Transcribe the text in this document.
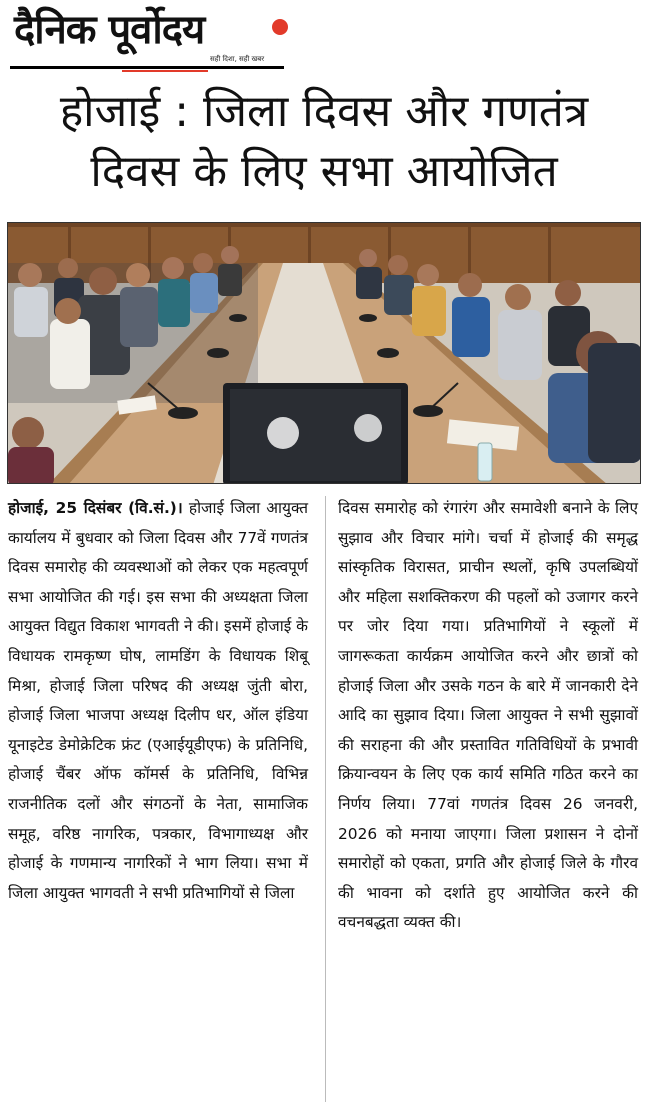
दैनिक पूर्वोदय
सही दिशा, सही खबर
होजाई : जिला दिवस और गणतंत्र
दिवस के लिए सभा आयोजित
होजाई, 25 दिसंबर (वि.सं.)। होजाई जिला आयुक्त कार्यालय में बुधवार को जिला दिवस और 77वें गणतंत्र दिवस समारोह की व्यवस्थाओं को लेकर एक महत्वपूर्ण सभा आयोजित की गई। इस सभा की अध्यक्षता जिला आयुक्त विद्युत विकाश भागवती ने की। इसमें होजाई के विधायक रामकृष्ण घोष, लामडिंग के विधायक शिबू मिश्रा, होजाई जिला परिषद की अध्यक्ष जुंती बोरा, होजाई जिला भाजपा अध्यक्ष दिलीप धर, ऑल इंडिया यूनाइटेड डेमोक्रेटिक फ्रंट (एआईयूडीएफ) के प्रतिनिधि, होजाई चैंबर ऑफ कॉमर्स के प्रतिनिधि, विभिन्न राजनीतिक दलों और संगठनों के नेता, सामाजिक समूह, वरिष्ठ नागरिक, पत्रकार, विभागाध्यक्ष और होजाई के गणमान्य नागरिकों ने भाग लिया। सभा में जिला आयुक्त भागवती ने सभी प्रतिभागियों से जिला
दिवस समारोह को रंगारंग और समावेशी बनाने के लिए सुझाव और विचार मांगे। चर्चा में होजाई की समृद्ध सांस्कृतिक विरासत, प्राचीन स्थलों, कृषि उपलब्धियों और महिला सशक्तिकरण की पहलों को उजागर करने पर जोर दिया गया। प्रतिभागियों ने स्कूलों में जागरूकता कार्यक्रम आयोजित करने और छात्रों को होजाई जिला और उसके गठन के बारे में जानकारी देने आदि का सुझाव दिया। जिला आयुक्त ने सभी सुझावों की सराहना की और प्रस्तावित गतिविधियों के प्रभावी क्रियान्वयन के लिए एक कार्य समिति गठित करने का निर्णय लिया। 77वां गणतंत्र दिवस 26 जनवरी, 2026 को मनाया जाएगा। जिला प्रशासन ने दोनों समारोहों को एकता, प्रगति और होजाई जिले के गौरव की भावना को दर्शाते हुए आयोजित करने की वचनबद्धता व्यक्त की।
